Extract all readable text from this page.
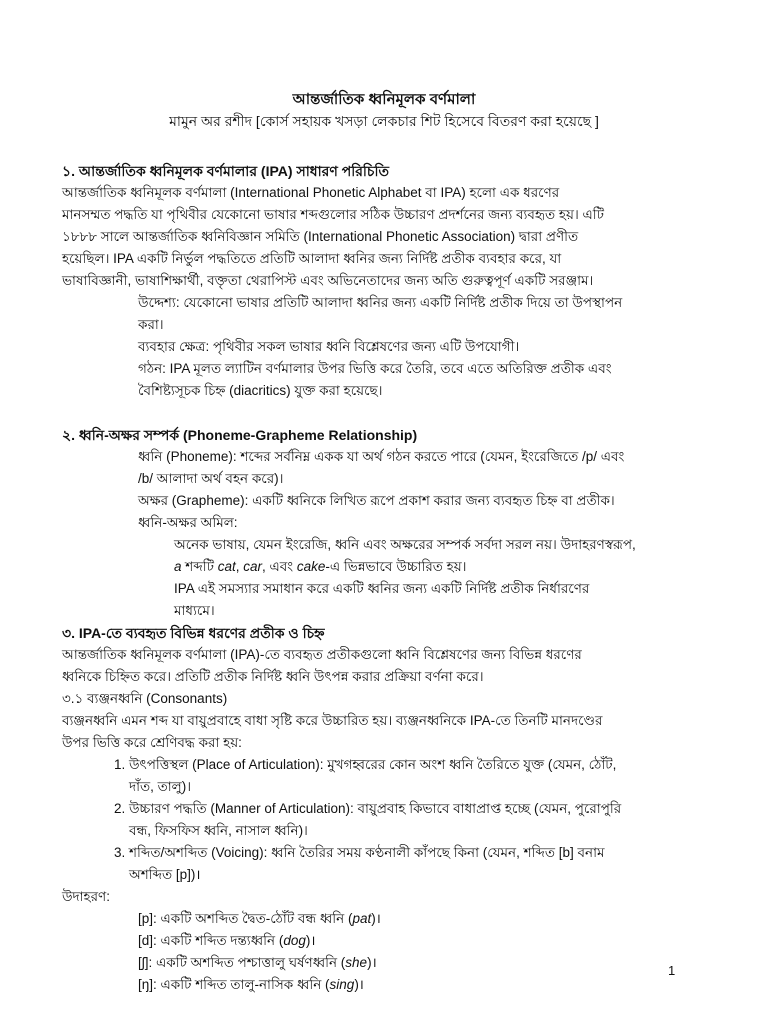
আন্তর্জাতিক ধ্বনিমূলক বর্ণমালা
মামুন অর রশীদ [কোর্স সহায়ক খসড়া লেকচার শিট হিসেবে বিতরণ করা হয়েছে ]
১. আন্তর্জাতিক ধ্বনিমূলক বর্ণমালার (IPA) সাধারণ পরিচিতি

আন্তর্জাতিক ধ্বনিমূলক বর্ণমালা (International Phonetic Alphabet বা IPA) হলো এক ধরণের

মানসম্মত পদ্ধতি যা পৃথিবীর যেকোনো ভাষার শব্দগুলোর সঠিক উচ্চারণ প্রদর্শনের জন্য ব্যবহৃত হয়। এটি

১৮৮৮ সালে আন্তর্জাতিক ধ্বনিবিজ্ঞান সমিতি (International Phonetic Association) দ্বারা প্রণীত

হয়েছিল। IPA একটি নির্ভুল পদ্ধতিতে প্রতিটি আলাদা ধ্বনির জন্য নির্দিষ্ট প্রতীক ব্যবহার করে, যা

ভাষাবিজ্ঞানী, ভাষাশিক্ষার্থী, বক্তৃতা থেরাপিস্ট এবং অভিনেতাদের জন্য অতি গুরুত্বপূর্ণ একটি সরঞ্জাম।

উদ্দেশ্য: যেকোনো ভাষার প্রতিটি আলাদা ধ্বনির জন্য একটি নির্দিষ্ট প্রতীক দিয়ে তা উপস্থাপন

করা।

ব্যবহার ক্ষেত্র: পৃথিবীর সকল ভাষার ধ্বনি বিশ্লেষণের জন্য এটি উপযোগী।

গঠন: IPA মূলত ল্যাটিন বর্ণমালার উপর ভিত্তি করে তৈরি, তবে এতে অতিরিক্ত প্রতীক এবং

বৈশিষ্ট্যসূচক চিহ্ন (diacritics) যুক্ত করা হয়েছে।

২. ধ্বনি-অক্ষর সম্পর্ক (Phoneme-Grapheme Relationship)

ধ্বনি (Phoneme): শব্দের সর্বনিম্ন একক যা অর্থ গঠন করতে পারে (যেমন, ইংরেজিতে /p/ এবং

/b/ আলাদা অর্থ বহন করে)।

অক্ষর (Grapheme): একটি ধ্বনিকে লিখিত রূপে প্রকাশ করার জন্য ব্যবহৃত চিহ্ন বা প্রতীক।

ধ্বনি-অক্ষর অমিল:

অনেক ভাষায়, যেমন ইংরেজি, ধ্বনি এবং অক্ষরের সম্পর্ক সর্বদা সরল নয়। উদাহরণস্বরূপ,

a শব্দটি cat, car, এবং cake-এ ভিন্নভাবে উচ্চারিত হয়।

IPA এই সমস্যার সমাধান করে একটি ধ্বনির জন্য একটি নির্দিষ্ট প্রতীক নির্ধারণের

মাধ্যমে।

৩. IPA-তে ব্যবহৃত বিভিন্ন ধরণের প্রতীক ও চিহ্ন

আন্তর্জাতিক ধ্বনিমূলক বর্ণমালা (IPA)-তে ব্যবহৃত প্রতীকগুলো ধ্বনি বিশ্লেষণের জন্য বিভিন্ন ধরণের

ধ্বনিকে চিহ্নিত করে। প্রতিটি প্রতীক নির্দিষ্ট ধ্বনি উৎপন্ন করার প্রক্রিয়া বর্ণনা করে।

৩.১ ব্যঞ্জনধ্বনি (Consonants)

ব্যঞ্জনধ্বনি এমন শব্দ যা বায়ুপ্রবাহে বাধা সৃষ্টি করে উচ্চারিত হয়। ব্যঞ্জনধ্বনিকে IPA-তে তিনটি মানদণ্ডের

উপর ভিত্তি করে শ্রেণিবদ্ধ করা হয়:

1. উৎপত্তিস্থল (Place of Articulation): মুখগহ্বরের কোন অংশ ধ্বনি তৈরিতে যুক্ত (যেমন, ঠোঁট,
দাঁত, তালু)।
2. উচ্চারণ পদ্ধতি (Manner of Articulation): বায়ুপ্রবাহ কিভাবে বাধাপ্রাপ্ত হচ্ছে (যেমন, পুরোপুরি
বন্ধ, ফিসফিস ধ্বনি, নাসাল ধ্বনি)।
3. শব্দিত/অশব্দিত (Voicing): ধ্বনি তৈরির সময় কণ্ঠনালী কাঁপছে কিনা (যেমন, শব্দিত [b] বনাম
অশব্দিত [p])।

উদাহরণ:

[p]: একটি অশব্দিত দ্বৈত-ঠোঁট বন্ধ ধ্বনি (pat)।

[d]: একটি শব্দিত দন্ত্যধ্বনি (dog)।

[ʃ]: একটি অশব্দিত পশ্চাত্তালু ঘর্ষণধ্বনি (she)।

[ŋ]: একটি শব্দিত তালু-নাসিক ধ্বনি (sing)।

1
